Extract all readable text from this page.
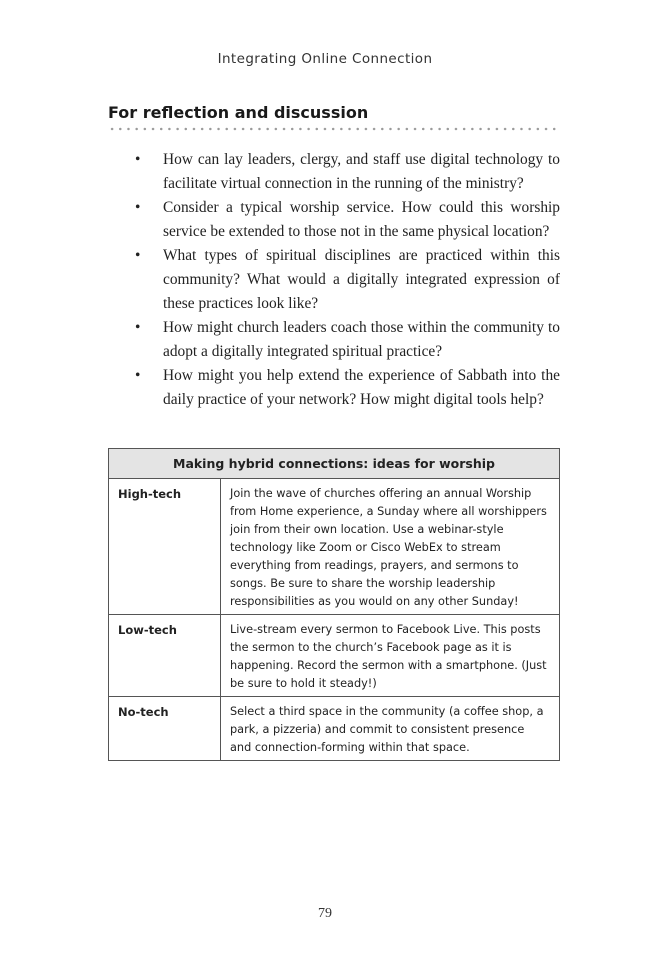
Integrating Online Connection
For reflection and discussion
• How can lay leaders, clergy, and staff use digital technology to facilitate virtual connection in the running of the ministry?
• Consider a typical worship service. How could this worship service be extended to those not in the same physical location?
• What types of spiritual disciplines are practiced within this community? What would a digitally integrated expression of these practices look like?
• How might church leaders coach those within the community to adopt a digitally integrated spiritual practice?
• How might you help extend the experience of Sabbath into the daily practice of your network? How might digital tools help?
Making hybrid connections: ideas for worship	
High-tech	Join the wave of churches offering an annual Worship from Home experience, a Sunday where all worshippers join from their own location. Use a webinar-style technology like Zoom or Cisco WebEx to stream everything from readings, prayers, and sermons to songs. Be sure to share the worship leadership responsibilities as you would on any other Sunday!
Low-tech	Live-stream every sermon to Facebook Live. This posts the sermon to the church’s Facebook page as it is happening. Record the sermon with a smartphone. (Just be sure to hold it steady!)
No-tech	Select a third space in the community (a coffee shop, a park, a pizzeria) and commit to consistent presence and connection-forming within that space.
79
